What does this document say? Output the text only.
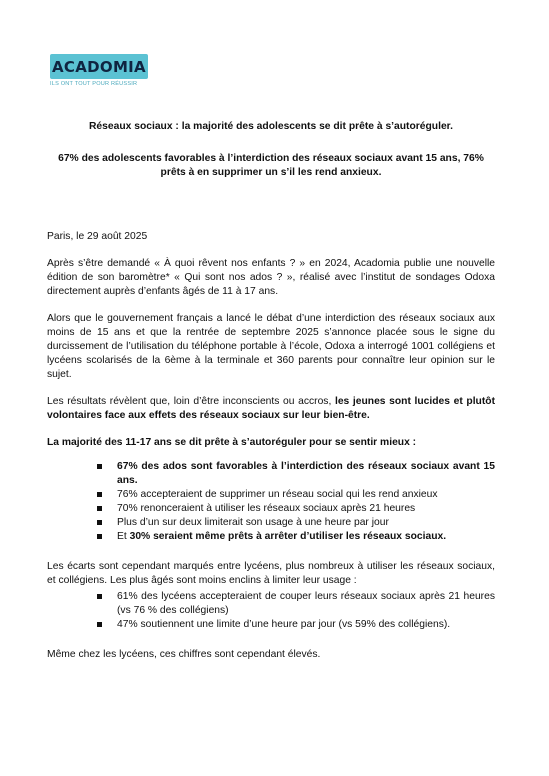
ACADOMIA
ILS ONT TOUT POUR RÉUSSIR

Réseaux sociaux : la majorité des adolescents se dit prête à s’autoréguler.

67% des adolescents favorables à l’interdiction des réseaux sociaux avant 15 ans, 76% prêts à en supprimer un s’il les rend anxieux.

Paris, le 29 août 2025

Après s’être demandé « À quoi rêvent nos enfants ? » en 2024, Acadomia publie une nouvelle édition de son baromètre* « Qui sont nos ados ? », réalisé avec l’institut de sondages Odoxa directement auprès d’enfants âgés de 11 à 17 ans.

Alors que le gouvernement français a lancé le débat d’une interdiction des réseaux sociaux aux moins de 15 ans et que la rentrée de septembre 2025 s’annonce placée sous le signe du durcissement de l’utilisation du téléphone portable à l’école, Odoxa a interrogé 1001 collégiens et lycéens scolarisés de la 6ème à la terminale et 360 parents pour connaître leur opinion sur le sujet.

Les résultats révèlent que, loin d’être inconscients ou accros, les jeunes sont lucides et plutôt volontaires face aux effets des réseaux sociaux sur leur bien-être.

La majorité des 11-17 ans se dit prête à s’autoréguler pour se sentir mieux :

67% des ados sont favorables à l’interdiction des réseaux sociaux avant 15 ans.
76% accepteraient de supprimer un réseau social qui les rend anxieux
70% renonceraient à utiliser les réseaux sociaux après 21 heures
Plus d’un sur deux limiterait son usage à une heure par jour
Et 30% seraient même prêts à arrêter d’utiliser les réseaux sociaux.

Les écarts sont cependant marqués entre lycéens, plus nombreux à utiliser les réseaux sociaux, et collégiens. Les plus âgés sont moins enclins à limiter leur usage :

61% des lycéens accepteraient de couper leurs réseaux sociaux après 21 heures (vs 76 % des collégiens)
47% soutiennent une limite d’une heure par jour (vs 59% des collégiens).

Même chez les lycéens, ces chiffres sont cependant élevés.
